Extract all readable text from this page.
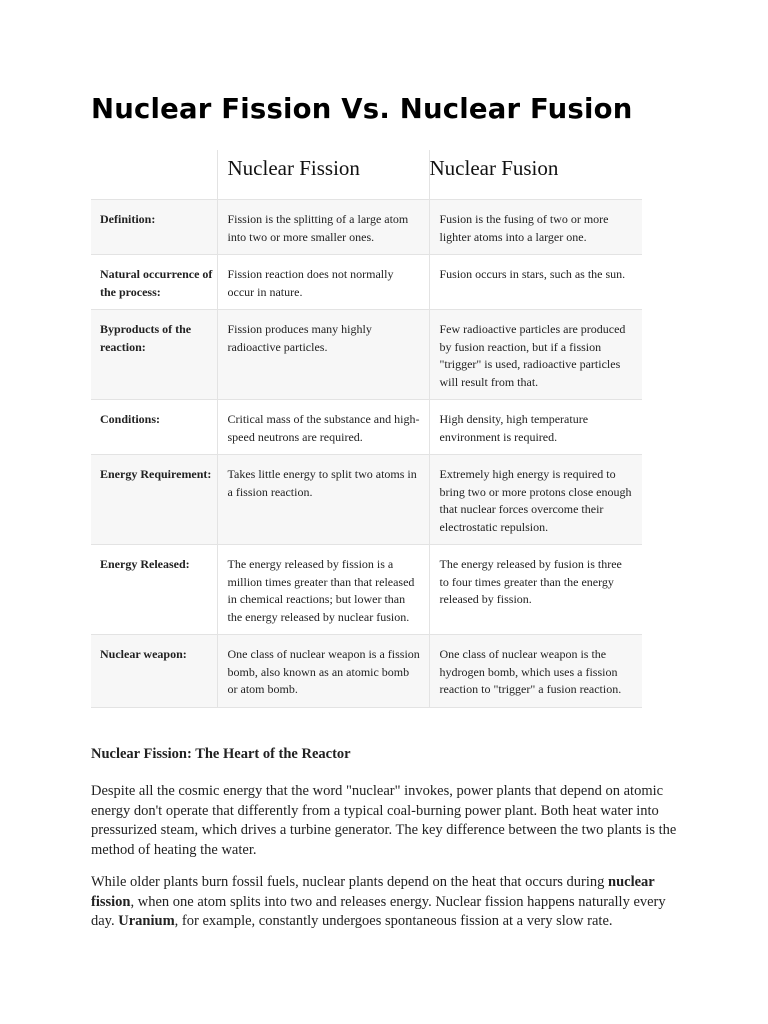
Nuclear Fission Vs. Nuclear Fusion
	Nuclear Fission	Nuclear Fusion
Definition:	Fission is the splitting of a large atom into two or more smaller ones.	Fusion is the fusing of two or more lighter atoms into a larger one.
Natural occurrence of the process:	Fission reaction does not normally occur in nature.	Fusion occurs in stars, such as the sun.
Byproducts of the reaction:	Fission produces many highly radioactive particles.	Few radioactive particles are produced by fusion reaction, but if a fission "trigger" is used, radioactive particles will result from that.
Conditions:	Critical mass of the substance and high-speed neutrons are required.	High density, high temperature environment is required.
Energy Requirement:	Takes little energy to split two atoms in a fission reaction.	Extremely high energy is required to bring two or more protons close enough that nuclear forces overcome their electrostatic repulsion.
Energy Released:	The energy released by fission is a million times greater than that released in chemical reactions; but lower than the energy released by nuclear fusion.	The energy released by fusion is three to four times greater than the energy released by fission.
Nuclear weapon:	One class of nuclear weapon is a fission bomb, also known as an atomic bomb or atom bomb.	One class of nuclear weapon is the hydrogen bomb, which uses a fission reaction to "trigger" a fusion reaction.
Nuclear Fission: The Heart of the Reactor

Despite all the cosmic energy that the word "nuclear" invokes, power plants that depend on atomic energy don't operate that differently from a typical coal-burning power plant. Both heat water into pressurized steam, which drives a turbine generator. The key difference between the two plants is the method of heating the water.

While older plants burn fossil fuels, nuclear plants depend on the heat that occurs during nuclear fission, when one atom splits into two and releases energy. Nuclear fission happens naturally every day. Uranium, for example, constantly undergoes spontaneous fission at a very slow rate.
